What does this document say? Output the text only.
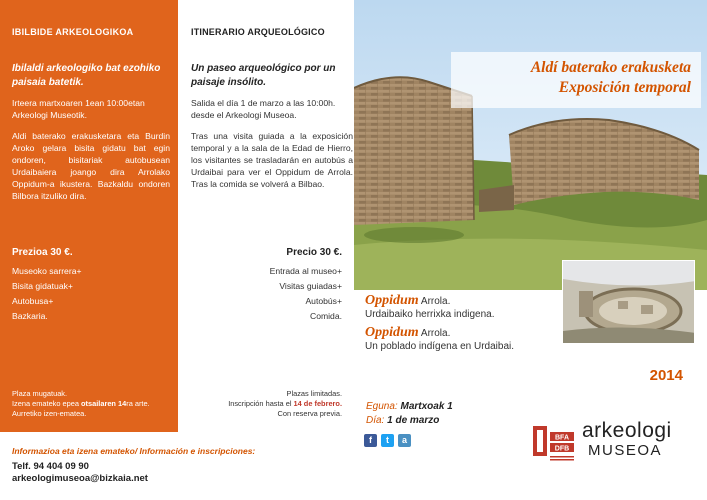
IBILBIDE ARKEOLOGIKOA
Ibilaldi arkeologiko bat ezohiko paisaia batetik.

Irteera martxoaren 1ean 10:00etan Arkeologi Museotik.

Aldi baterako erakusketara eta Burdin Aroko gelara bisita gidatu bat egin ondoren, bisitariak autobusean Urdaibaiera joango dira Arrolako Oppidum-a ikustera. Bazkaldu ondoren Bilbora itzuliko dira.

Prezioa 30 €.
Museoko sarrera+
Bisita gidatuak+
Autobusa+
Bazkaria.
Plaza mugatuak.
Izena emateko epea otsailaren 14ra arte.
Aurretiko izen-ematea.
ITINERARIO ARQUEOLÓGICO
Un paseo arqueológico por un paisaje insólito.

Salida el día 1 de marzo a las 10:00h. desde el Arkeologi Museoa.

Tras una visita guiada a la exposición temporal y a la sala de la Edad de Hierro, los visitantes se trasladarán en autobús a Urdaibai para ver el Oppidum de Arrola. Tras la comida se volverá a Bilbao.

Precio 30 €.
Entrada al museo+
Visitas guiadas+
Autobús+
Comida.
Plazas limitadas.
Inscripción hasta el 14 de febrero.
Con reserva previa.
Aldí baterako erakusketa
Exposición temporal
Oppidum Arrola.
Urdaibaiko herrixka indigena.
Oppidum Arrola.
Un poblado indígena en Urdaibai.
2014
Eguna: Martxoak 1
Día: 1 de marzo
Informazioa eta izena emateko/ Información e inscripciones:
Telf. 94 404 09 90
arkeologimuseoa@bizkaia.net
f	t	a	BFA
DFB
arkeologi
MUSEOA
